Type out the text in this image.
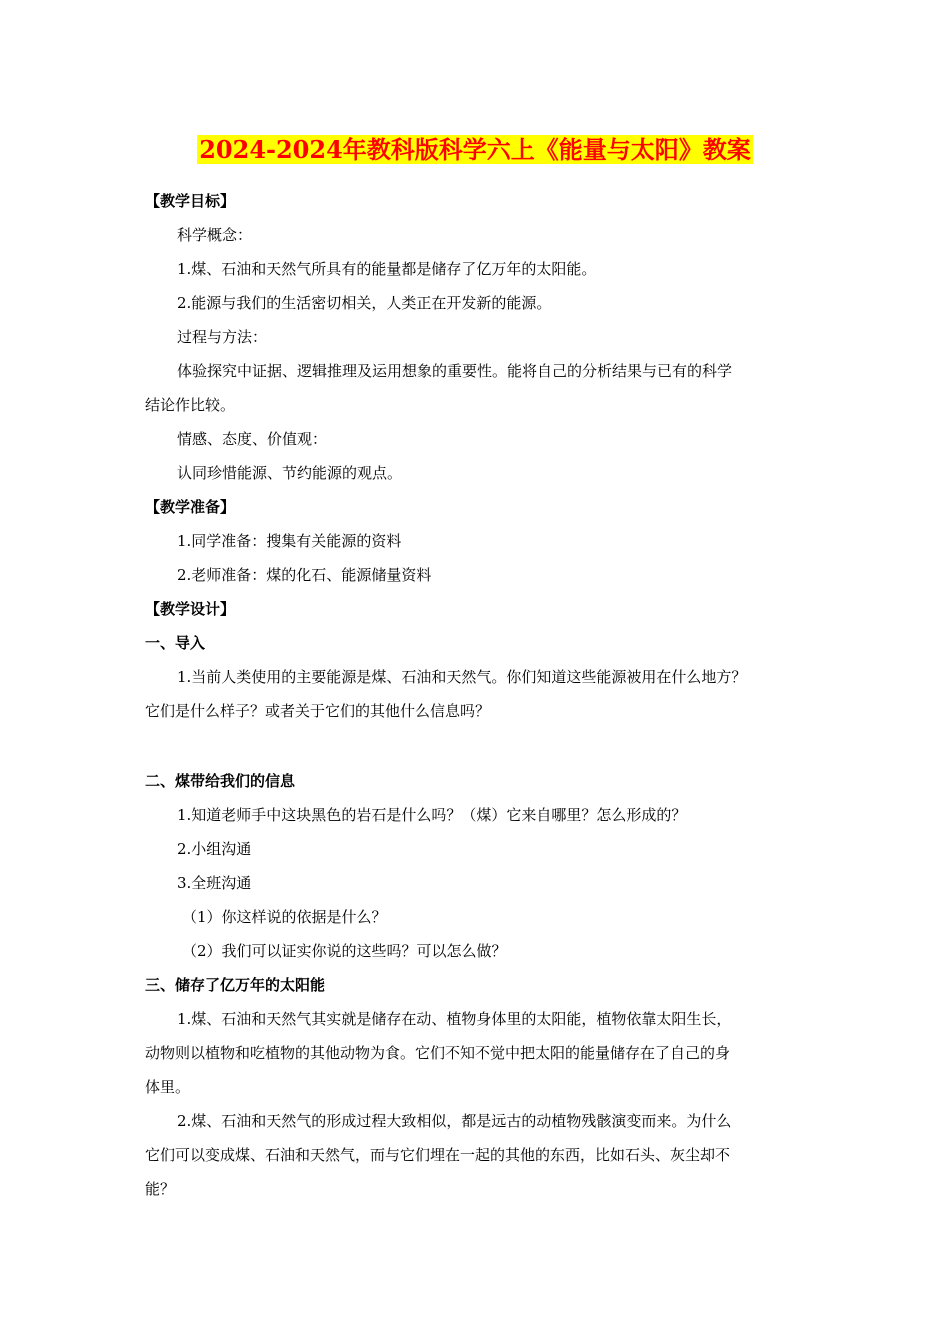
2024-2024年教科版科学六上《能量与太阳》教案
【教学目标】
科学概念：
1.煤、石油和天然气所具有的能量都是储存了亿万年的太阳能。
2.能源与我们的生活密切相关，人类正在开发新的能源。
过程与方法：
体验探究中证据、逻辑推理及运用想象的重要性。能将自己的分析结果与已有的科学
结论作比较。
情感、态度、价值观：
认同珍惜能源、节约能源的观点。
【教学准备】
1.同学准备：搜集有关能源的资料
2.老师准备：煤的化石、能源储量资料
【教学设计】
一、导入
1.当前人类使用的主要能源是煤、石油和天然气。你们知道这些能源被用在什么地方？
它们是什么样子？或者关于它们的其他什么信息吗？
二、煤带给我们的信息
1.知道老师手中这块黑色的岩石是什么吗？（煤）它来自哪里？怎么形成的？
2.小组沟通
3.全班沟通
（1）你这样说的依据是什么？
（2）我们可以证实你说的这些吗？可以怎么做？
三、储存了亿万年的太阳能
1.煤、石油和天然气其实就是储存在动、植物身体里的太阳能，植物依靠太阳生长，
动物则以植物和吃植物的其他动物为食。它们不知不觉中把太阳的能量储存在了自己的身
体里。
2.煤、石油和天然气的形成过程大致相似，都是远古的动植物残骸演变而来。为什么
它们可以变成煤、石油和天然气，而与它们埋在一起的其他的东西，比如石头、灰尘却不
能？
